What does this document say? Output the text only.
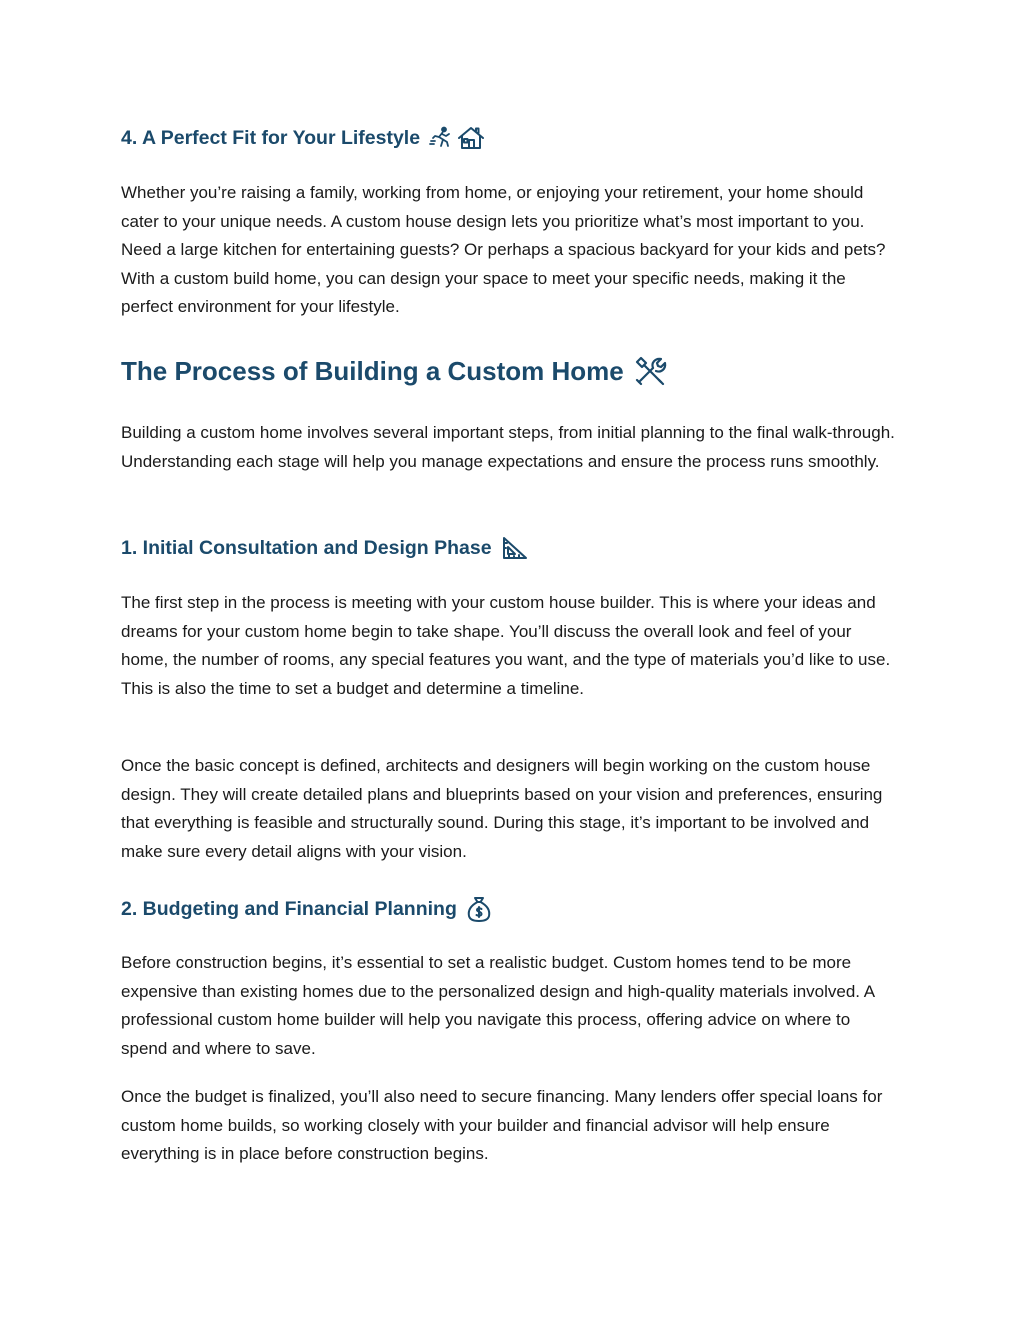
4. A Perfect Fit for Your Lifestyle

Whether you’re raising a family, working from home, or enjoying your retirement, your home should cater to your unique needs. A custom house design lets you prioritize what’s most important to you. Need a large kitchen for entertaining guests? Or perhaps a spacious backyard for your kids and pets? With a custom build home, you can design your space to meet your specific needs, making it the perfect environment for your lifestyle.

The Process of Building a Custom Home

Building a custom home involves several important steps, from initial planning to the final walk-through. Understanding each stage will help you manage expectations and ensure the process runs smoothly.

1. Initial Consultation and Design Phase

The first step in the process is meeting with your custom house builder. This is where your ideas and dreams for your custom home begin to take shape. You’ll discuss the overall look and feel of your home, the number of rooms, any special features you want, and the type of materials you’d like to use. This is also the time to set a budget and determine a timeline.

Once the basic concept is defined, architects and designers will begin working on the custom house design. They will create detailed plans and blueprints based on your vision and preferences, ensuring that everything is feasible and structurally sound. During this stage, it’s important to be involved and make sure every detail aligns with your vision.

2. Budgeting and Financial Planning

Before construction begins, it’s essential to set a realistic budget. Custom homes tend to be more expensive than existing homes due to the personalized design and high-quality materials involved. A professional custom home builder will help you navigate this process, offering advice on where to spend and where to save.

Once the budget is finalized, you’ll also need to secure financing. Many lenders offer special loans for custom home builds, so working closely with your builder and financial advisor will help ensure everything is in place before construction begins.
